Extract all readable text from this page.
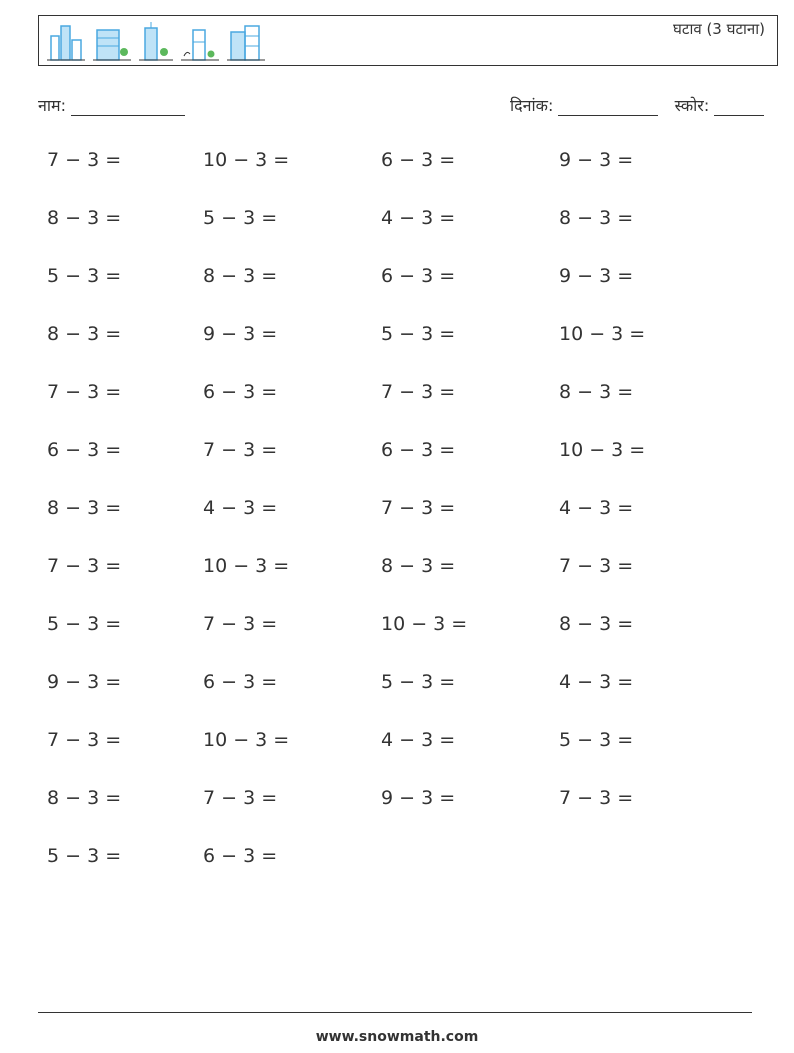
घटाव (3 घटाना)
नाम:	दिनांक:	स्कोर:
7 − 3 =	10 − 3 =	6 − 3 =	9 − 3 =
8 − 3 =	5 − 3 =	4 − 3 =	8 − 3 =
5 − 3 =	8 − 3 =	6 − 3 =	9 − 3 =
8 − 3 =	9 − 3 =	5 − 3 =	10 − 3 =
7 − 3 =	6 − 3 =	7 − 3 =	8 − 3 =
6 − 3 =	7 − 3 =	6 − 3 =	10 − 3 =
8 − 3 =	4 − 3 =	7 − 3 =	4 − 3 =
7 − 3 =	10 − 3 =	8 − 3 =	7 − 3 =
5 − 3 =	7 − 3 =	10 − 3 =	8 − 3 =
9 − 3 =	6 − 3 =	5 − 3 =	4 − 3 =
7 − 3 =	10 − 3 =	4 − 3 =	5 − 3 =
8 − 3 =	7 − 3 =	9 − 3 =	7 − 3 =
5 − 3 =	6 − 3 =
www.snowmath.com
